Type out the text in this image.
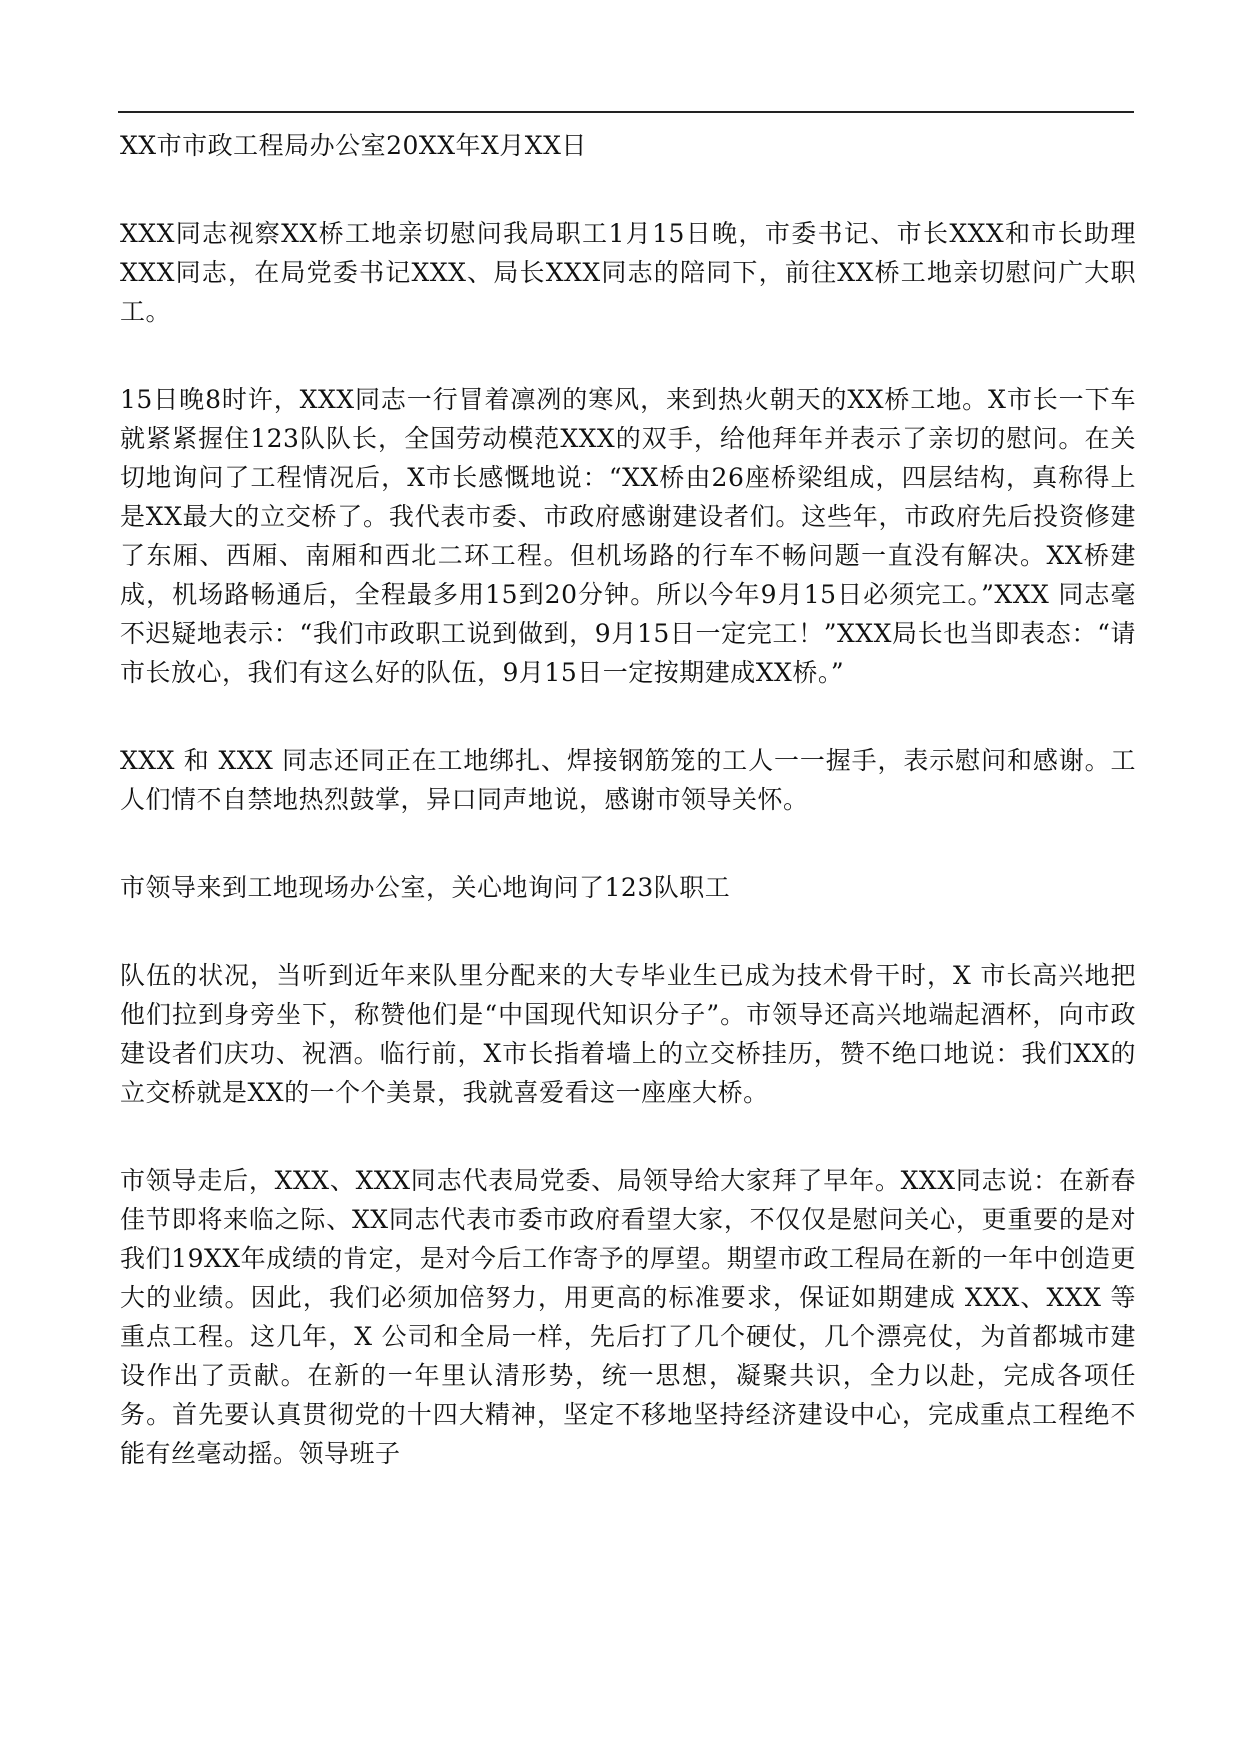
XX市市政工程局办公室20XX年X月XX日

XXX同志视察XX桥工地亲切慰问我局职工1月15日晚，市委书记、市长XXX和市长助理XXX同志，在局党委书记XXX、局长XXX同志的陪同下，前往XX桥工地亲切慰问广大职工。

15日晚8时许，XXX同志一行冒着凛冽的寒风，来到热火朝天的XX桥工地。X市长一下车就紧紧握住123队队长，全国劳动模范XXX的双手，给他拜年并表示了亲切的慰问。在关切地询问了工程情况后，X市长感慨地说：“XX桥由26座桥梁组成，四层结构，真称得上是XX最大的立交桥了。我代表市委、市政府感谢建设者们。这些年，市政府先后投资修建了东厢、西厢、南厢和西北二环工程。但机场路的行车不畅问题一直没有解决。XX桥建成，机场路畅通后，全程最多用15到20分钟。所以今年9月15日必须完工。”XXX 同志毫不迟疑地表示：“我们市政职工说到做到，9月15日一定完工！”XXX局长也当即表态：“请市长放心，我们有这么好的队伍，9月15日一定按期建成XX桥。”

XXX 和 XXX 同志还同正在工地绑扎、焊接钢筋笼的工人一一握手，表示慰问和感谢。工人们情不自禁地热烈鼓掌，异口同声地说，感谢市领导关怀。

市领导来到工地现场办公室，关心地询问了123队职工

队伍的状况，当听到近年来队里分配来的大专毕业生已成为技术骨干时，X 市长高兴地把他们拉到身旁坐下，称赞他们是“中国现代知识分子”。市领导还高兴地端起酒杯，向市政建设者们庆功、祝酒。临行前，X市长指着墙上的立交桥挂历，赞不绝口地说：我们XX的立交桥就是XX的一个个美景，我就喜爱看这一座座大桥。

市领导走后，XXX、XXX同志代表局党委、局领导给大家拜了早年。XXX同志说：在新春佳节即将来临之际、XX同志代表市委市政府看望大家，不仅仅是慰问关心，更重要的是对我们19XX年成绩的肯定，是对今后工作寄予的厚望。期望市政工程局在新的一年中创造更大的业绩。因此，我们必须加倍努力，用更高的标准要求，保证如期建成 XXX、XXX 等重点工程。这几年，X 公司和全局一样，先后打了几个硬仗，几个漂亮仗，为首都城市建设作出了贡献。在新的一年里认清形势，统一思想，凝聚共识，全力以赴，完成各项任务。首先要认真贯彻党的十四大精神，坚定不移地坚持经济建设中心，完成重点工程绝不能有丝毫动摇。领导班子
